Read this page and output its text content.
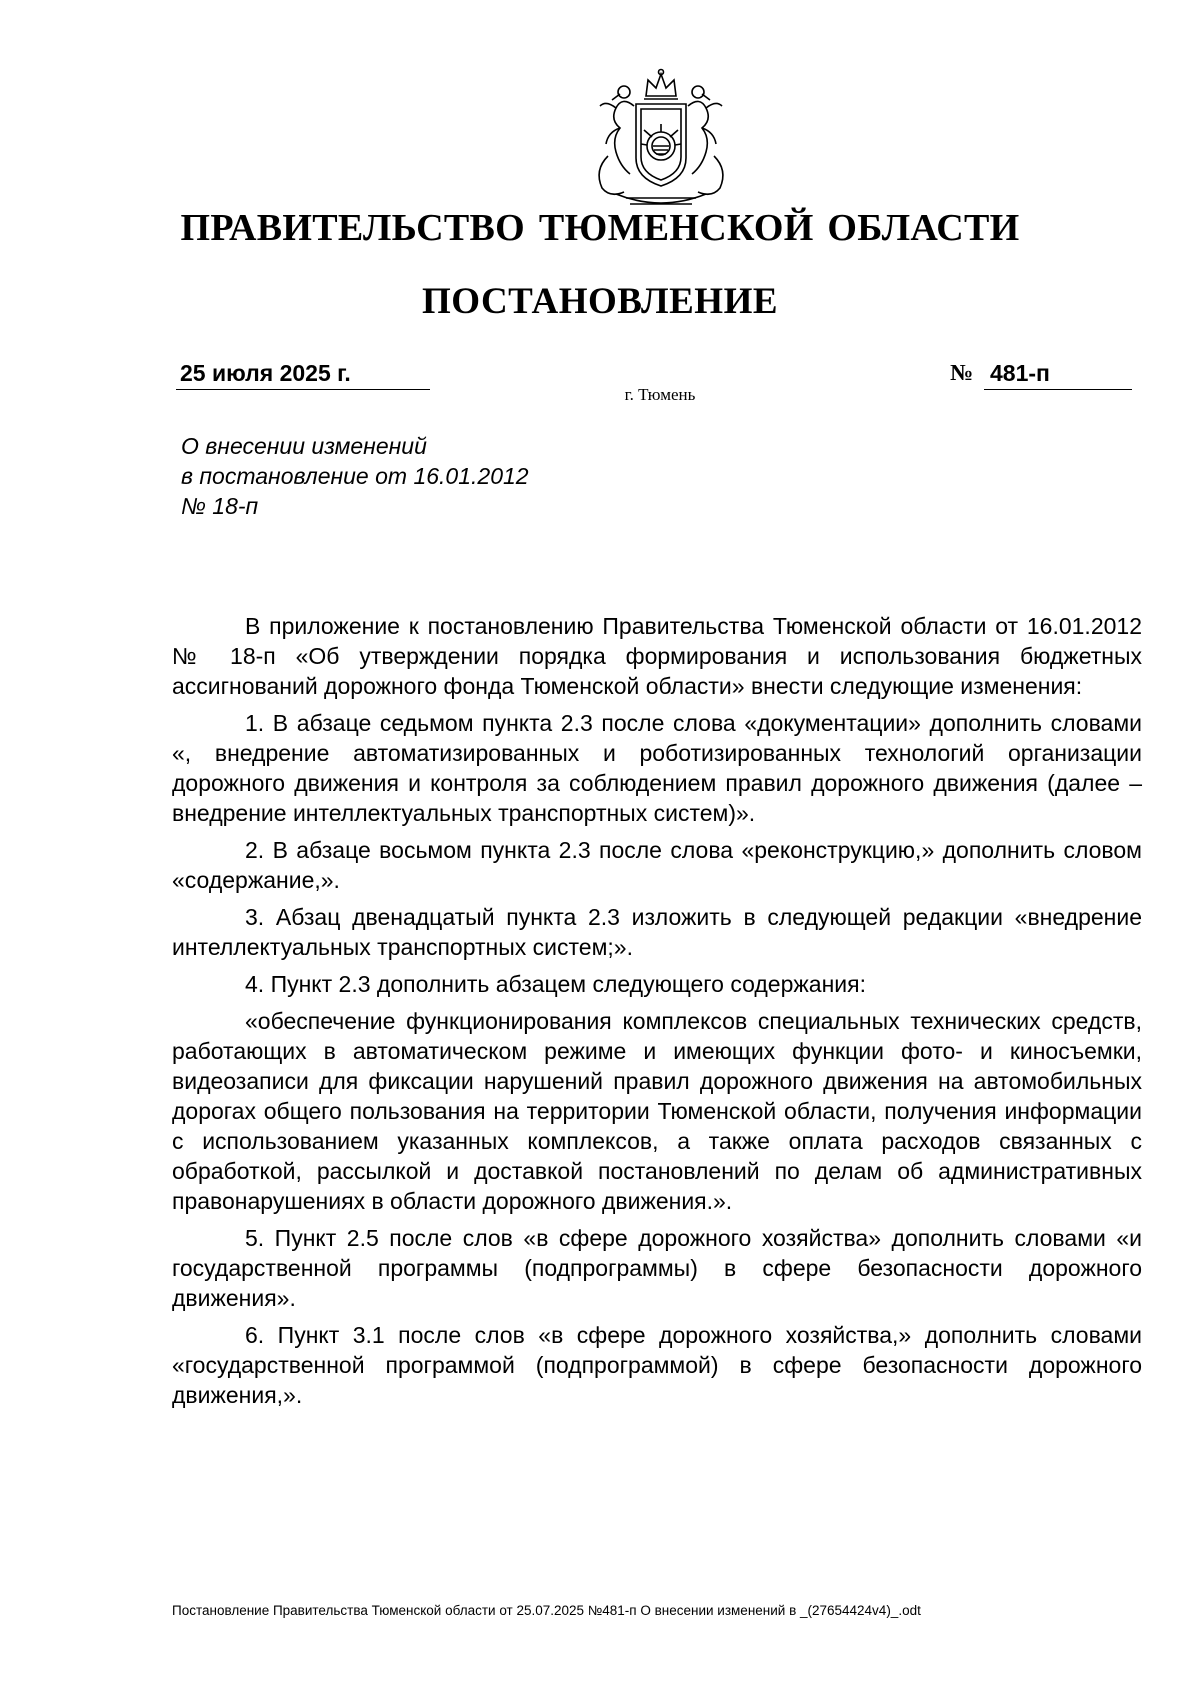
ПРАВИТЕЛЬСТВО ТЮМЕНСКОЙ ОБЛАСТИ
ПОСТАНОВЛЕНИЕ
25 июля 2025 г.	№ 481-п
г. Тюмень
О внесении изменений
в постановление от 16.01.2012
№ 18-п

В приложение к постановлению Правительства Тюменской области от 16.01.2012 № 18-п «Об утверждении порядка формирования и использования бюджетных ассигнований дорожного фонда Тюменской области» внести следующие изменения:

1. В абзаце седьмом пункта 2.3 после слова «документации» дополнить словами «, внедрение автоматизированных и роботизированных технологий организации дорожного движения и контроля за соблюдением правил дорожного движения (далее – внедрение интеллектуальных транспортных систем)».

2. В абзаце восьмом пункта 2.3 после слова «реконструкцию,» дополнить словом «содержание,».

3. Абзац двенадцатый пункта 2.3 изложить в следующей редакции «внедрение интеллектуальных транспортных систем;».

4. Пункт 2.3 дополнить абзацем следующего содержания:

«обеспечение функционирования комплексов специальных технических средств, работающих в автоматическом режиме и имеющих функции фото- и киносъемки, видеозаписи для фиксации нарушений правил дорожного движения на автомобильных дорогах общего пользования на территории Тюменской области, получения информации с использованием указанных комплексов, а также оплата расходов связанных с обработкой, рассылкой и доставкой постановлений по делам об административных правонарушениях в области дорожного движения.».

5. Пункт 2.5 после слов «в сфере дорожного хозяйства» дополнить словами «и государственной программы (подпрограммы) в сфере безопасности дорожного движения».

6. Пункт 3.1 после слов «в сфере дорожного хозяйства,» дополнить словами «государственной программой (подпрограммой) в сфере безопасности дорожного движения,».

Постановление Правительства Тюменской области от 25.07.2025 №481-п О внесении изменений в _(27654424v4)_.odt
